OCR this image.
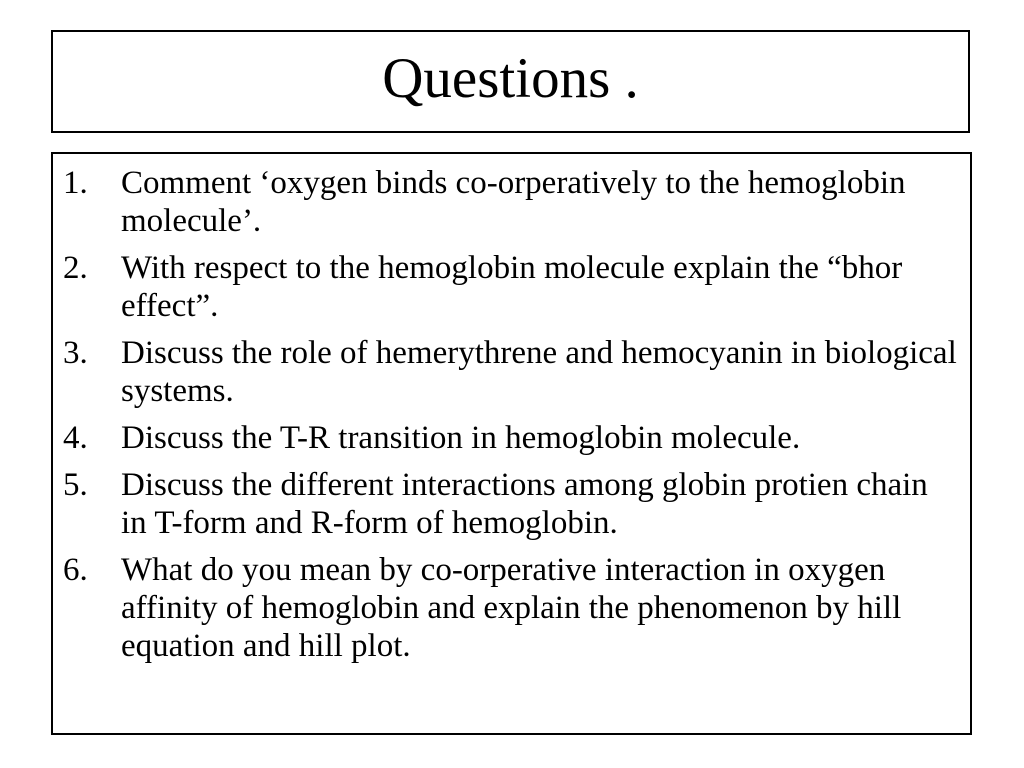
Questions .
1.	Comment ‘oxygen binds co-orperatively to the hemoglobin molecule’.
2.	With respect to the hemoglobin molecule explain the “bhor effect”.
3.	Discuss the role of hemerythrene and hemocyanin in biological systems.
4.	Discuss the T-R transition in hemoglobin molecule.
5.	Discuss the different interactions among globin protien chain in T-form and R-form of hemoglobin.
6.	What do you mean by co-orperative interaction in oxygen affinity of hemoglobin and explain the phenomenon by hill equation and hill plot.
